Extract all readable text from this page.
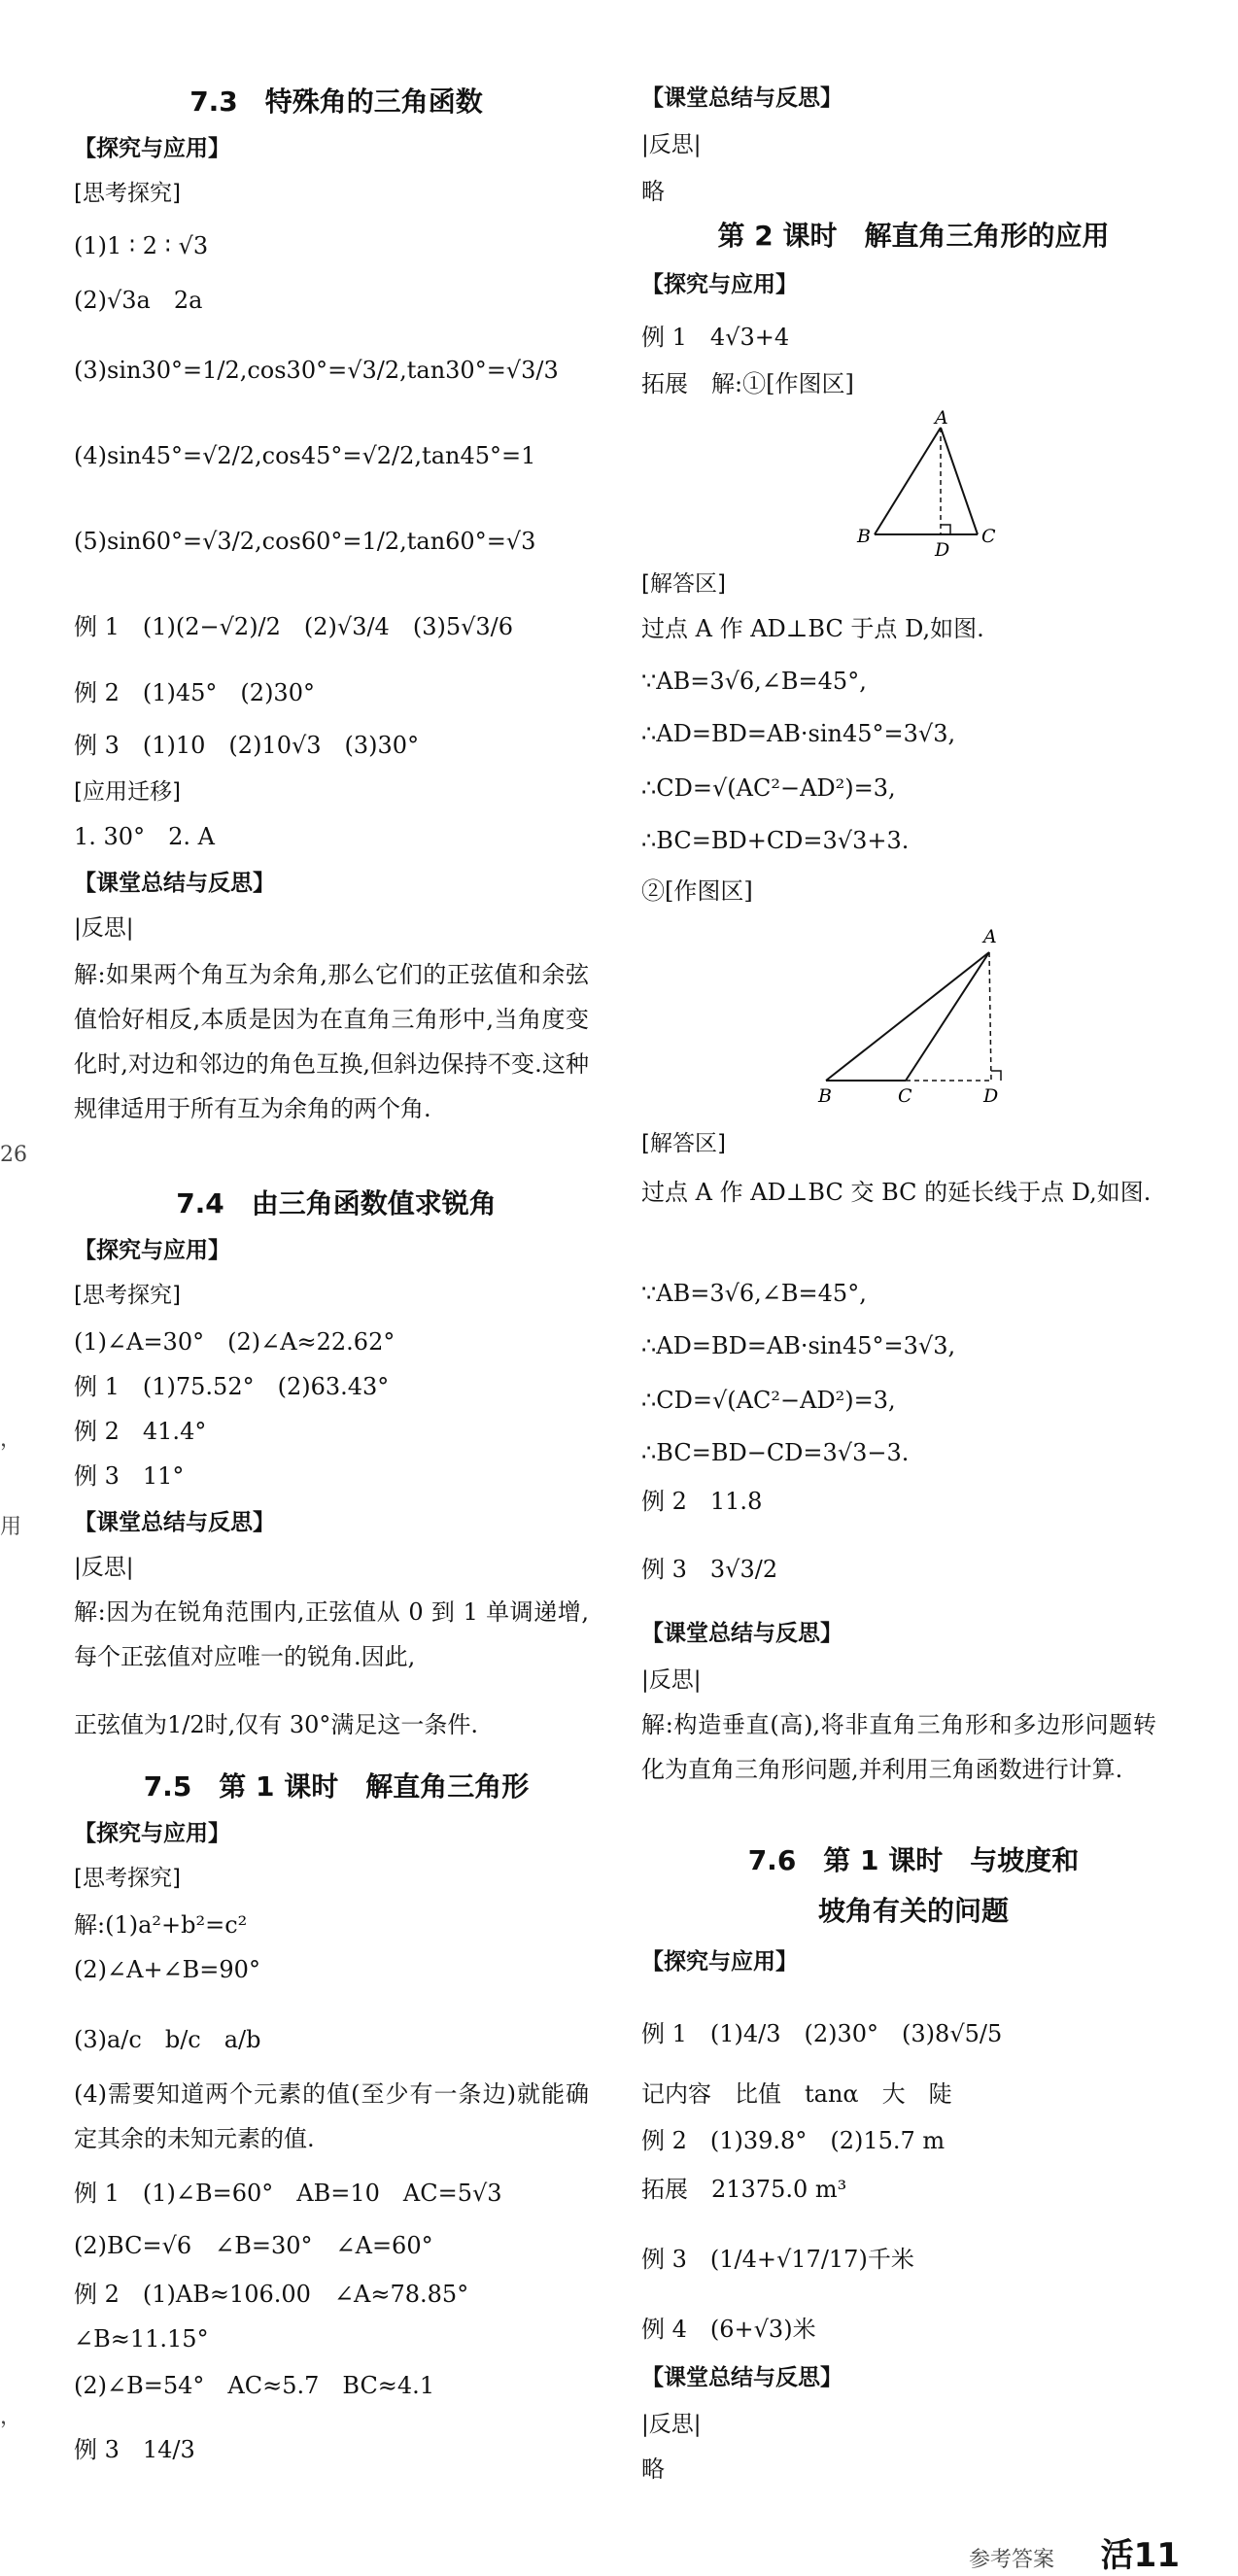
7.3　特殊角的三角函数
【探究与应用】
[思考探究]
(1)1 ∶ 2 ∶ √3
(2)√3a　2a
(3)sin30°=1/2,cos30°=√3/2,tan30°=√3/3
(4)sin45°=√2/2,cos45°=√2/2,tan45°=1
(5)sin60°=√3/2,cos60°=1/2,tan60°=√3
例 1　(1)(2−√2)/2　(2)√3/4　(3)5√3/6
例 2　(1)45°　(2)30°
例 3　(1)10　(2)10√3　(3)30°
[应用迁移]
1. 30°　2. A
【课堂总结与反思】
|反思|
解:如果两个角互为余角,那么它们的正弦值和余弦值恰好相反,本质是因为在直角三角形中,当角度变化时,对边和邻边的角色互换,但斜边保持不变.这种规律适用于所有互为余角的两个角.
7.4　由三角函数值求锐角
【探究与应用】
[思考探究]
(1)∠A=30°　(2)∠A≈22.62°
例 1　(1)75.52°　(2)63.43°
例 2　41.4°
例 3　11°
【课堂总结与反思】
|反思|
解:因为在锐角范围内,正弦值从 0 到 1 单调递增,每个正弦值对应唯一的锐角.因此,
正弦值为1/2时,仅有 30°满足这一条件.
7.5　第 1 课时　解直角三角形
【探究与应用】
[思考探究]
解:(1)a²+b²=c²
(2)∠A+∠B=90°
(3)a/c　b/c　a/b
(4)需要知道两个元素的值(至少有一条边)就能确定其余的未知元素的值.
例 1　(1)∠B=60°　AB=10　AC=5√3
(2)BC=√6　∠B=30°　∠A=60°
例 2　(1)AB≈106.00　∠A≈78.85°
∠B≈11.15°
(2)∠B=54°　AC≈5.7　BC≈4.1
例 3　14/3
26
，
用
，
【课堂总结与反思】
|反思|
略
第 2 课时　解直角三角形的应用
【探究与应用】
例 1　4√3+4
拓展　解:①[作图区]
A
B	C
D
[解答区]
过点 A 作 AD⊥BC 于点 D,如图.
∵AB=3√6,∠B=45°,
∴AD=BD=AB·sin45°=3√3,
∴CD=√(AC²−AD²)=3,
∴BC=BD+CD=3√3+3.
②[作图区]
A
B	C	D
[解答区]
过点 A 作 AD⊥BC 交 BC 的延长线于点 D,如图.
∵AB=3√6,∠B=45°,
∴AD=BD=AB·sin45°=3√3,
∴CD=√(AC²−AD²)=3,
∴BC=BD−CD=3√3−3.
例 2　11.8
例 3　3√3/2
【课堂总结与反思】
|反思|
解:构造垂直(高),将非直角三角形和多边形问题转化为直角三角形问题,并利用三角函数进行计算.
7.6　第 1 课时　与坡度和
坡角有关的问题
【探究与应用】
例 1　(1)4/3　(2)30°　(3)8√5/5
记内容　比值　tanα　大　陡
例 2　(1)39.8°　(2)15.7 m
拓展　21375.0 m³
例 3　(1/4+√17/17)千米
例 4　(6+√3)米
【课堂总结与反思】
|反思|
略
参考答案 活11
